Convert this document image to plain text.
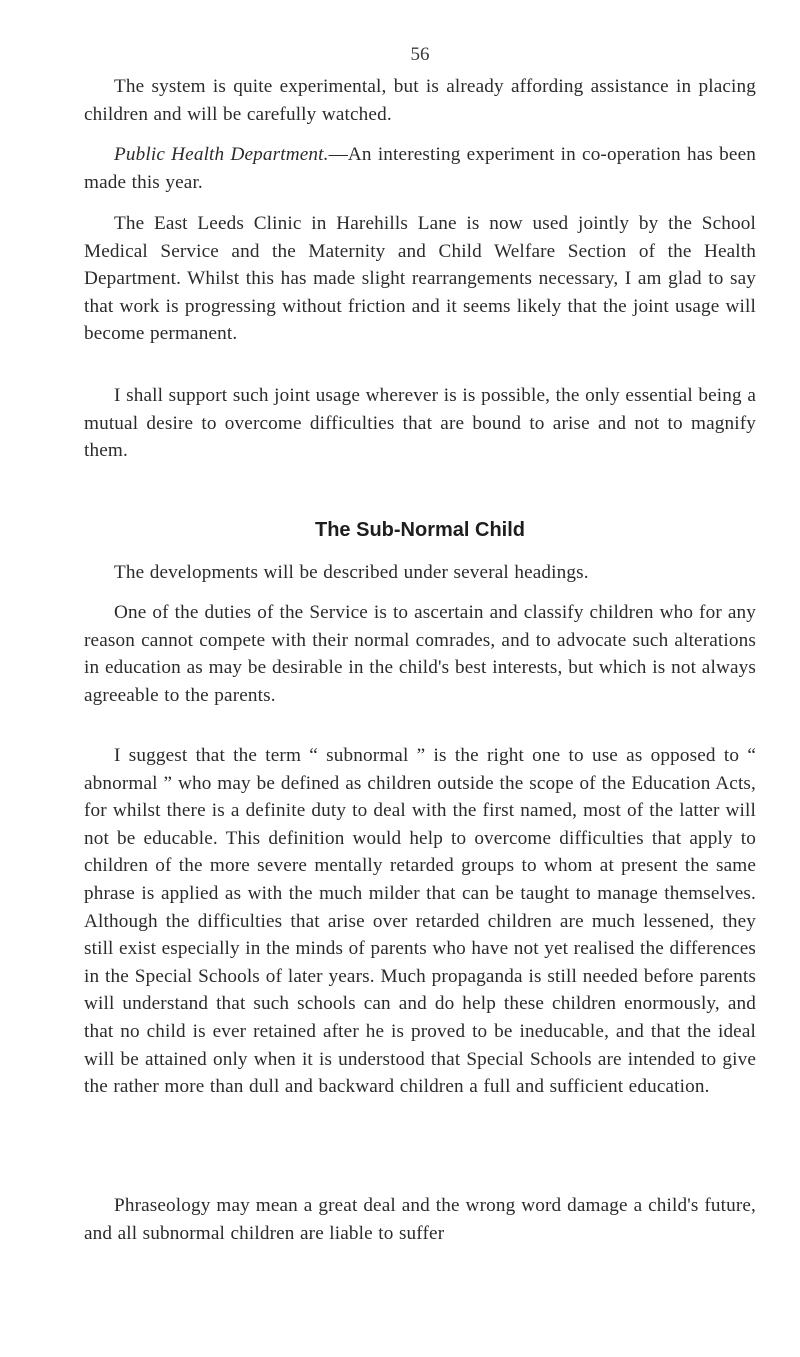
56

The system is quite experimental, but is already affording assistance in placing children and will be carefully watched.

Public Health Department.—An interesting experiment in co-operation has been made this year.

The East Leeds Clinic in Harehills Lane is now used jointly by the School Medical Service and the Maternity and Child Welfare Section of the Health Department. Whilst this has made slight rearrangements necessary, I am glad to say that work is progressing without friction and it seems likely that the joint usage will become permanent.

I shall support such joint usage wherever is is possible, the only essential being a mutual desire to overcome difficulties that are bound to arise and not to magnify them.

The Sub-Normal Child

The developments will be described under several headings.

One of the duties of the Service is to ascertain and classify children who for any reason cannot compete with their normal comrades, and to advocate such alterations in education as may be desirable in the child's best interests, but which is not always agreeable to the parents.

I suggest that the term “ subnormal ” is the right one to use as opposed to “ abnormal ” who may be defined as children outside the scope of the Education Acts, for whilst there is a definite duty to deal with the first named, most of the latter will not be educable. This definition would help to overcome difficulties that apply to children of the more severe mentally retarded groups to whom at present the same phrase is applied as with the much milder that can be taught to manage themselves. Although the difficulties that arise over retarded children are much lessened, they still exist especially in the minds of parents who have not yet realised the differences in the Special Schools of later years. Much propaganda is still needed before parents will understand that such schools can and do help these children enormously, and that no child is ever retained after he is proved to be ineducable, and that the ideal will be attained only when it is understood that Special Schools are intended to give the rather more than dull and backward children a full and sufficient education.

Phraseology may mean a great deal and the wrong word damage a child's future, and all subnormal children are liable to suffer
